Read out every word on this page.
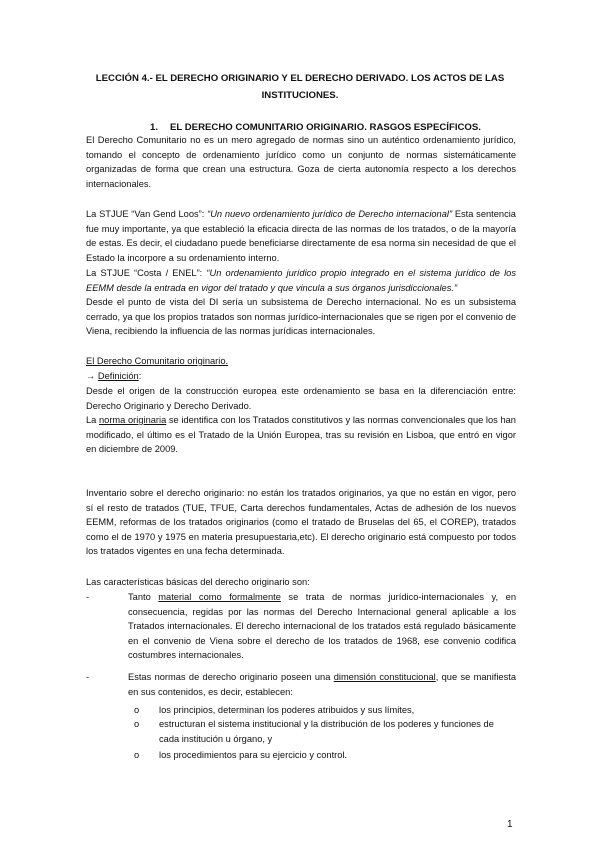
LECCIÓN 4.- EL DERECHO ORIGINARIO Y EL DERECHO DERIVADO. LOS ACTOS DE LAS
INSTITUCIONES.
1. EL DERECHO COMUNITARIO ORIGINARIO. RASGOS ESPECÍFICOS.

El Derecho Comunitario no es un mero agregado de normas sino un auténtico ordenamiento jurídico, tomando el concepto de ordenamiento jurídico como un conjunto de normas sistemáticamente organizadas de forma que crean una estructura. Goza de cierta autonomía respecto a los derechos internacionales.

La STJUE “Van Gend Loos”: “Un nuevo ordenamiento jurídico de Derecho internacional” Esta sentencia fue muy importante, ya que estableció la eficacia directa de las normas de los tratados, o de la mayoría de estas. Es decir, el ciudadano puede beneficiarse directamente de esa norma sin necesidad de que el Estado la incorpore a su ordenamiento interno.

La STJUE “Costa / ENEL”: “Un ordenamiento jurídico propio integrado en el sistema jurídico de los EEMM desde la entrada en vigor del tratado y que vincula a sus órganos jurisdiccionales.”

Desde el punto de vista del DI sería un subsistema de Derecho internacional. No es un subsistema cerrado, ya que los propios tratados son normas jurídico-internacionales que se rigen por el convenio de Viena, recibiendo la influencia de las normas jurídicas internacionales.

El Derecho Comunitario originario.

→ Definición:

Desde el origen de la construcción europea este ordenamiento se basa en la diferenciación entre: Derecho Originario y Derecho Derivado.

La norma originaria se identifica con los Tratados constitutivos y las normas convencionales que los han modificado, el último es el Tratado de la Unión Europea, tras su revisión en Lisboa, que entró en vigor en diciembre de 2009.

Inventario sobre el derecho originario: no están los tratados originarios, ya que no están en vigor, pero sí el resto de tratados (TUE, TFUE, Carta derechos fundamentales, Actas de adhesión de los nuevos EEMM, reformas de los tratados originarios (como el tratado de Bruselas del 65, el COREP), tratados como el de 1970 y 1975 en materia presupuestaria,etc). El derecho originario está compuesto por todos los tratados vigentes en una fecha determinada.

Las características básicas del derecho originario son:

-	Tanto material como formalmente se trata de normas jurídico-internacionales y, en consecuencia, regidas por las normas del Derecho Internacional general aplicable a los Tratados internacionales. El derecho internacional de los tratados está regulado básicamente en el convenio de Viena sobre el derecho de los tratados de 1968, ese convenio codifica costumbres internacionales.
-	Estas normas de derecho originario poseen una dimensión constitucional, que se manifiesta en sus contenidos, es decir, establecen:
o los principios, determinan los poderes atribuidos y sus límites,
o estructuran el sistema institucional y la distribución de los poderes y funciones de cada institución u órgano, y
o los procedimientos para su ejercicio y control.
1
